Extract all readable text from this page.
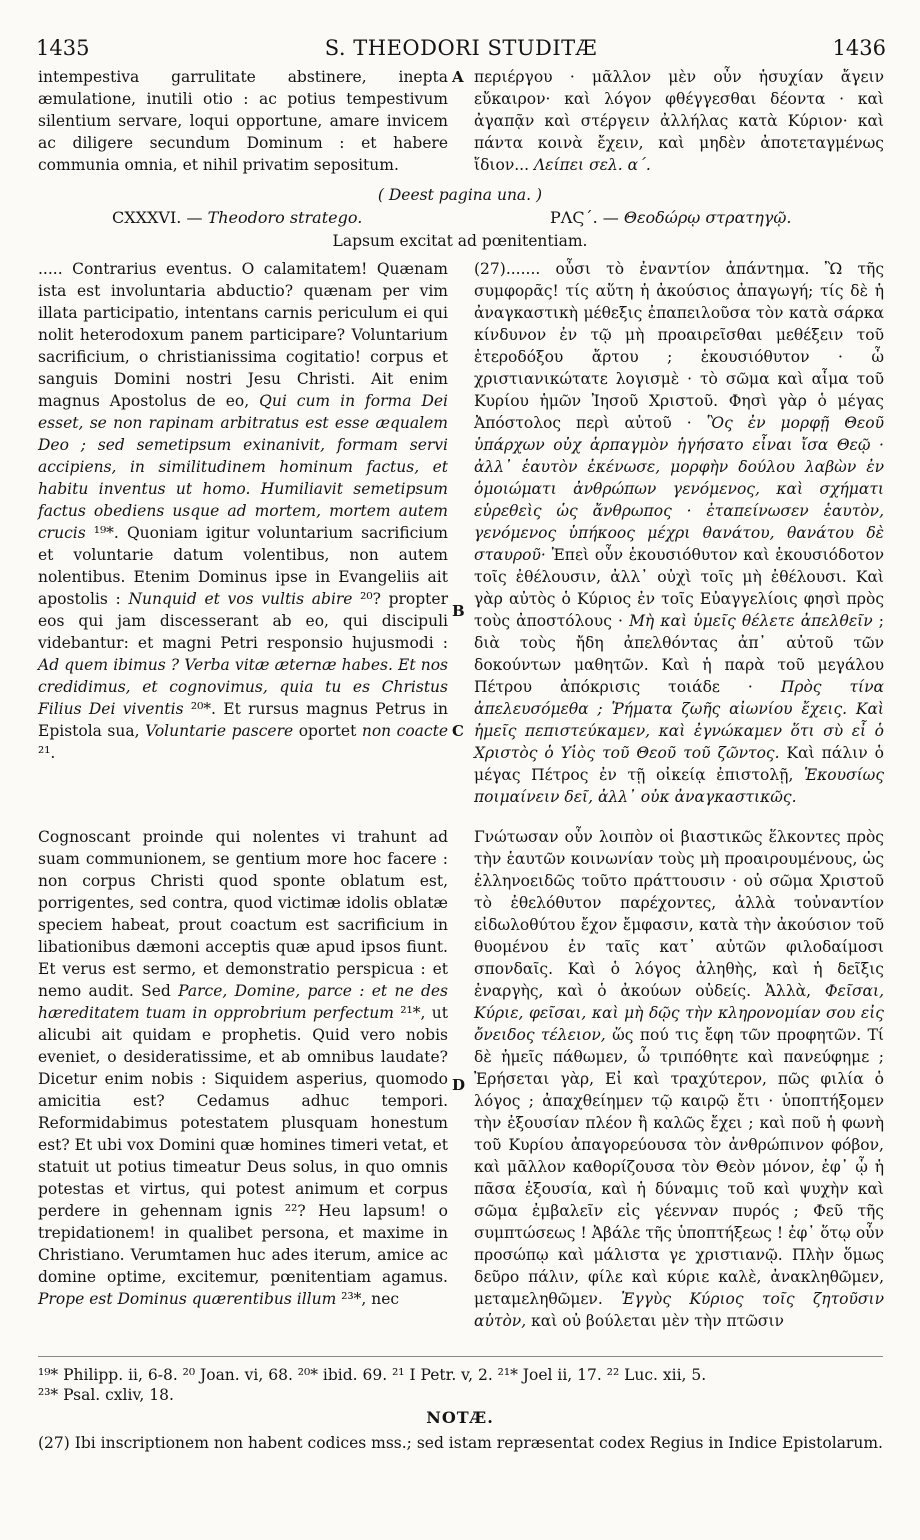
1435	S. THEODORI STUDITÆ	1436
intempestiva garrulitate abstinere, inepta æmulatione, inutili otio : ac potius tempestivum silentium servare, loqui opportune, amare invicem ac diligere secundum Dominum : et habere communia omnia, et nihil privatim sepositum.
A περιέργου · μᾶλλον μὲν οὖν ἡσυχίαν ἄγειν εὔκαιρον· καὶ λόγον φθέγγεσθαι δέοντα · καὶ ἀγαπᾷν καὶ στέργειν ἀλλήλας κατὰ Κύριον· καὶ πάντα κοινὰ ἔχειν, καὶ μηδὲν ἀποτεταγμένως ἴδιον... Λείπει σελ. α΄.
( Deest pagina una. )
CXXXVI. — Theodoro stratego.	ΡΛϚ΄. — Θεοδώρῳ στρατηγῷ.
Lapsum excitat ad pœnitentiam.
..... Contrarius eventus. O calamitatem! Quænam ista est involuntaria abductio? quænam per vim illata participatio, intentans carnis periculum ei qui nolit heterodoxum panem participare? Voluntarium sacrificium, o christianissima cogitatio! corpus et sanguis Domini nostri Jesu Christi. Ait enim magnus Apostolus de eo, Qui cum in forma Dei esset, se non rapinam arbitratus est esse æqualem Deo ; sed semetipsum exinanivit, formam servi accipiens, in similitudinem hominum factus, et habitu inventus ut homo. Humiliavit semetipsum factus obediens usque ad mortem, mortem autem crucis ¹⁹*. Quoniam igitur voluntarium sacrificium et voluntarie datum volentibus, non autem nolentibus. Etenim Dominus ipse in Evangeliis ait apostolis : Nunquid et vos vultis abire ²⁰? propter eos qui jam discesserant ab eo, qui discipuli videbantur: et magni Petri responsio hujusmodi : Ad quem ibimus ? Verba vitæ æternæ habes. Et nos credidimus, et cognovimus, quia tu es Christus Filius Dei viventis ²⁰*. Et rursus magnus Petrus in Epistola sua, Voluntarie pascere oportet non coacte ²¹.
Cognoscant proinde qui nolentes vi trahunt ad suam communionem, se gentium more hoc facere : non corpus Christi quod sponte oblatum est, porrigentes, sed contra, quod victimæ idolis oblatæ speciem habeat, prout coactum est sacrificium in libationibus dæmoni acceptis quæ apud ipsos fiunt. Et verus est sermo, et demonstratio perspicua : et nemo audit. Sed Parce, Domine, parce : et ne des hæreditatem tuam in opprobrium perfectum ²¹*, ut alicubi ait quidam e prophetis. Quid vero nobis eveniet, o desideratissime, et ab omnibus laudate? Dicetur enim nobis : Siquidem asperius, quomodo amicitia est? Cedamus adhuc tempori. Reformidabimus potestatem plusquam honestum est? Et ubi vox Domini quæ homines timeri vetat, et statuit ut potius timeatur Deus solus, in quo omnis potestas et virtus, qui potest animum et corpus perdere in gehennam ignis ²²? Heu lapsum! o trepidationem! in qualibet persona, et maxime in Christiano. Verumtamen huc ades iterum, amice ac domine optime, excitemur, pœnitentiam agamus. Prope est Dominus quærentibus illum ²³*, nec
B
C
D
(27)....... οὖσι τὸ ἐναντίον ἀπάντημα. Ὢ τῆς συμφορᾶς! τίς αὕτη ἡ ἀκούσιος ἀπαγωγή; τίς δὲ ἡ ἀναγκαστικὴ μέθεξις ἐπαπειλοῦσα τὸν κατὰ σάρκα κίνδυνον ἐν τῷ μὴ προαιρεῖσθαι μεθέξειν τοῦ ἑτεροδόξου ἄρτου ; ἑκουσιόθυτον · ὦ χριστιανικώτατε λογισμὲ · τὸ σῶμα καὶ αἷμα τοῦ Κυρίου ἡμῶν Ἰησοῦ Χριστοῦ. Φησὶ γὰρ ὁ μέγας Ἀπόστολος περὶ αὐτοῦ · Ὃς ἐν μορφῇ Θεοῦ ὑπάρχων οὐχ ἁρπαγμὸν ἡγήσατο εἶναι ἴσα Θεῷ · ἀλλ᾽ ἑαυτὸν ἐκένωσε, μορφὴν δούλου λαβὼν ἐν ὁμοιώματι ἀνθρώπων γενόμενος, καὶ σχήματι εὑρεθεὶς ὡς ἄνθρωπος · ἐταπείνωσεν ἑαυτὸν, γενόμενος ὑπήκοος μέχρι θανάτου, θανάτου δὲ σταυροῦ· Ἐπεὶ οὖν ἑκουσιόθυτον καὶ ἑκουσιόδοτον τοῖς ἐθέλουσιν, ἀλλ᾽ οὐχὶ τοῖς μὴ ἐθέλουσι. Καὶ γὰρ αὐτὸς ὁ Κύριος ἐν τοῖς Εὐαγγελίοις φησὶ πρὸς τοὺς ἀποστόλους · Μὴ καὶ ὑμεῖς θέλετε ἀπελθεῖν ; διὰ τοὺς ἤδη ἀπελθόντας ἀπ᾽ αὐτοῦ τῶν δοκούντων μαθητῶν. Καὶ ἡ παρὰ τοῦ μεγάλου Πέτρου ἀπόκρισις τοιάδε · Πρὸς τίνα ἀπελευσόμεθα ; Ῥήματα ζωῆς αἰωνίου ἔχεις. Καὶ ἡμεῖς πεπιστεύκαμεν, καὶ ἐγνώκαμεν ὅτι σὺ εἶ ὁ Χριστὸς ὁ Υἱὸς τοῦ Θεοῦ τοῦ ζῶντος. Καὶ πάλιν ὁ μέγας Πέτρος ἐν τῇ οἰκείᾳ ἐπιστολῇ, Ἑκουσίως ποιμαίνειν δεῖ, ἀλλ᾽ οὐκ ἀναγκαστικῶς.
Γνώτωσαν οὖν λοιπὸν οἱ βιαστικῶς ἕλκοντες πρὸς τὴν ἑαυτῶν κοινωνίαν τοὺς μὴ προαιρουμένους, ὡς ἐλληνοειδῶς τοῦτο πράττουσιν · οὐ σῶμα Χριστοῦ τὸ ἐθελόθυτον παρέχοντες, ἀλλὰ τοὐναντίον εἰδωλοθύτου ἔχον ἔμφασιν, κατὰ τὴν ἀκούσιον τοῦ θυομένου ἐν ταῖς κατ᾽ αὐτῶν φιλοδαίμοσι σπονδαῖς. Καὶ ὁ λόγος ἀληθὴς, καὶ ἡ δεῖξις ἐναργὴς, καὶ ὁ ἀκούων οὐδείς. Ἀλλὰ, Φεῖσαι, Κύριε, φεῖσαι, καὶ μὴ δῷς τὴν κληρονομίαν σου εἰς ὄνειδος τέλειον, ὥς πού τις ἔφη τῶν προφητῶν. Τί δὲ ἡμεῖς πάθωμεν, ὦ τριπόθητε καὶ πανεύφημε ; Ἐρήσεται γὰρ, Εἰ καὶ τραχύτερον, πῶς φιλία ὁ λόγος ; ἀπαχθείημεν τῷ καιρῷ ἔτι · ὑποπτήξομεν τὴν ἐξουσίαν πλέον ἢ καλῶς ἔχει ; καὶ ποῦ ἡ φωνὴ τοῦ Κυρίου ἀπαγορεύουσα τὸν ἀνθρώπινον φόβον, καὶ μᾶλλον καθορίζουσα τὸν Θεὸν μόνον, ἐφ᾽ ᾧ ἡ πᾶσα ἐξουσία, καὶ ἡ δύναμις τοῦ καὶ ψυχὴν καὶ σῶμα ἐμβαλεῖν εἰς γέενναν πυρός ; Φεῦ τῆς συμπτώσεως ! Ἀβάλε τῆς ὑποπτήξεως ! ἐφ᾽ ὅτῳ οὖν προσώπῳ καὶ μάλιστα γε χριστιανῷ. Πλὴν ὅμως δεῦρο πάλιν, φίλε καὶ κύριε καλὲ, ἀνακληθῶμεν, μεταμεληθῶμεν. Ἐγγὺς Κύριος τοῖς ζητοῦσιν αὐτὸν, καὶ οὐ βούλεται μὲν τὴν πτῶσιν
¹⁹* Philipp. ii, 6-8. ²⁰ Joan. vi, 68. ²⁰* ibid. 69. ²¹ I Petr. v, 2. ²¹* Joel ii, 17. ²² Luc. xii, 5.
²³* Psal. cxliv, 18.
NOTÆ.
(27) Ibi inscriptionem non habent codices mss.; sed istam repræsentat codex Regius in Indice Epistolarum.
